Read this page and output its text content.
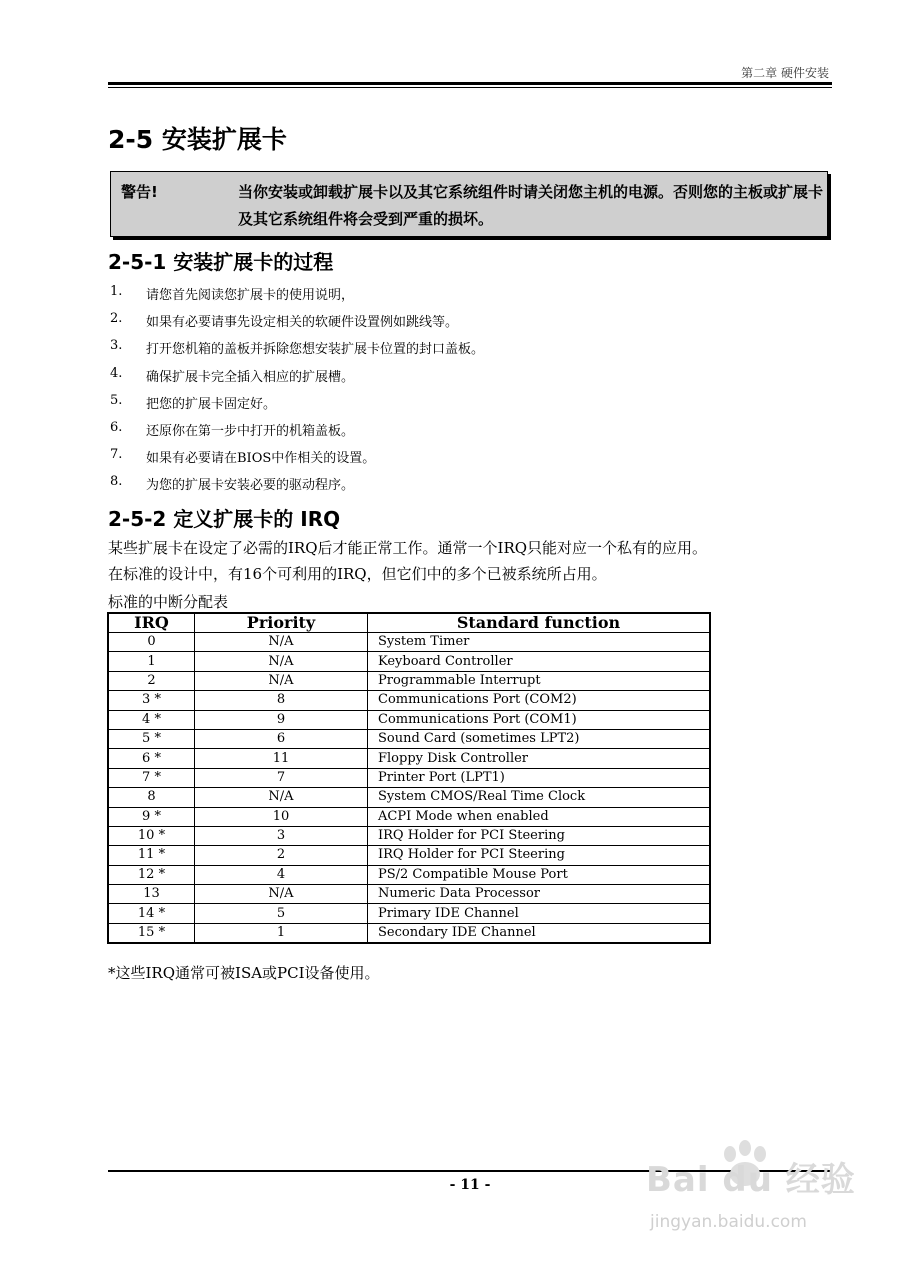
第二章 硬件安装
2-5 安装扩展卡
警告!	当你安装或卸载扩展卡以及其它系统组件时请关闭您主机的电源。否则您的主板或扩展卡及其它系统组件将会受到严重的损坏。
2-5-1 安装扩展卡的过程
1.	请您首先阅读您扩展卡的使用说明，
2.	如果有必要请事先设定相关的软硬件设置例如跳线等。
3.	打开您机箱的盖板并拆除您想安装扩展卡位置的封口盖板。
4.	确保扩展卡完全插入相应的扩展槽。
5.	把您的扩展卡固定好。
6.	还原你在第一步中打开的机箱盖板。
7.	如果有必要请在BIOS中作相关的设置。
8.	为您的扩展卡安装必要的驱动程序。
2-5-2 定义扩展卡的 IRQ
某些扩展卡在设定了必需的IRQ后才能正常工作。通常一个IRQ只能对应一个私有的应用。
在标准的设计中，有16个可利用的IRQ，但它们中的多个已被系统所占用。
标准的中断分配表
IRQ	Priority	Standard function
0	N/A	System Timer
1	N/A	Keyboard Controller
2	N/A	Programmable Interrupt
3 *	8	Communications Port (COM2)
4 *	9	Communications Port (COM1)
5 *	6	Sound Card (sometimes LPT2)
6 *	11	Floppy Disk Controller
7 *	7	Printer Port (LPT1)
8	N/A	System CMOS/Real Time Clock
9 *	10	ACPI Mode when enabled
10 *	3	IRQ Holder for PCI Steering
11 *	2	IRQ Holder for PCI Steering
12 *	4	PS/2 Compatible Mouse Port
13	N/A	Numeric Data Processor
14 *	5	Primary IDE Channel
15 *	1	Secondary IDE Channel
*这些IRQ通常可被ISA或PCI设备使用。
- 11 -	Bai du 经验
jingyan.baidu.com
